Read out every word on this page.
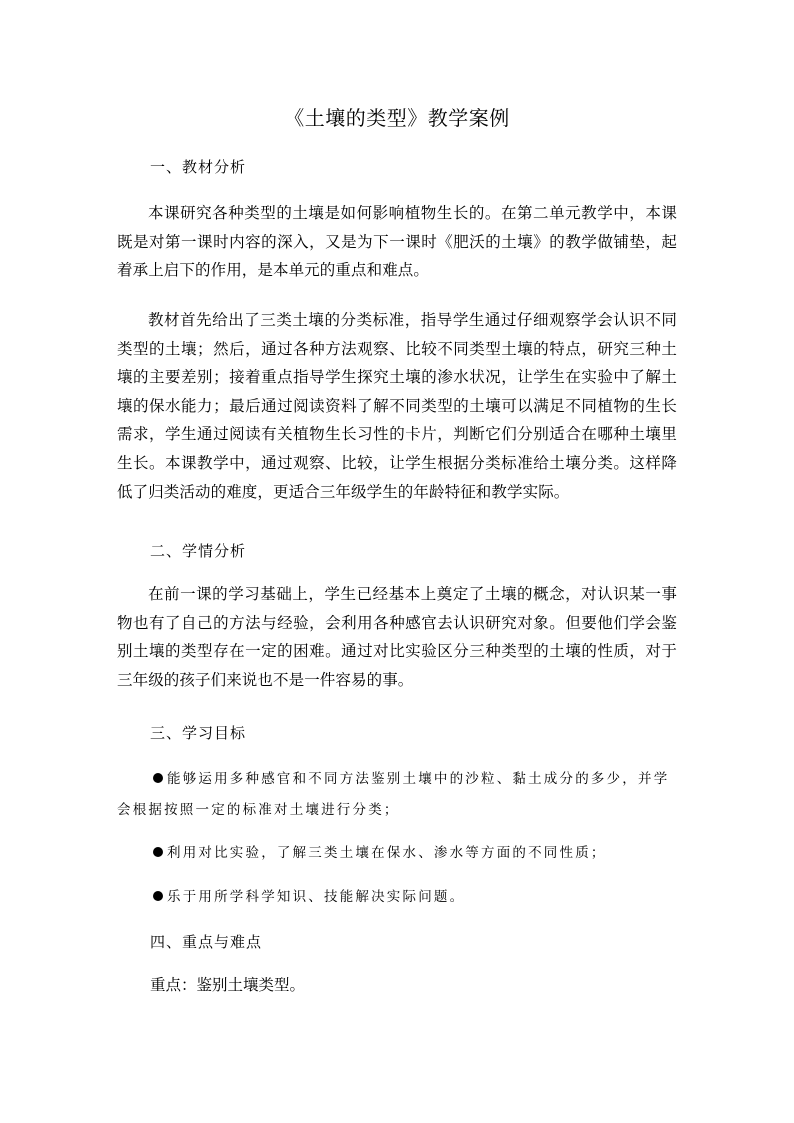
《土壤的类型》教学案例
一、教材分析
本课研究各种类型的土壤是如何影响植物生长的。在第二单元教学中，本课既是对第一课时内容的深入，又是为下一课时《肥沃的土壤》的教学做铺垫，起着承上启下的作用，是本单元的重点和难点。
教材首先给出了三类土壤的分类标准，指导学生通过仔细观察学会认识不同类型的土壤；然后，通过各种方法观察、比较不同类型土壤的特点，研究三种土壤的主要差别；接着重点指导学生探究土壤的渗水状况，让学生在实验中了解土壤的保水能力；最后通过阅读资料了解不同类型的土壤可以满足不同植物的生长需求，学生通过阅读有关植物生长习性的卡片，判断它们分别适合在哪种土壤里生长。本课教学中，通过观察、比较，让学生根据分类标准给土壤分类。这样降低了归类活动的难度，更适合三年级学生的年龄特征和教学实际。
二、学情分析
在前一课的学习基础上，学生已经基本上奠定了土壤的概念，对认识某一事物也有了自己的方法与经验，会利用各种感官去认识研究对象。但要他们学会鉴别土壤的类型存在一定的困难。通过对比实验区分三种类型的土壤的性质，对于三年级的孩子们来说也不是一件容易的事。
三、学习目标
能够运用多种感官和不同方法鉴别土壤中的沙粒、黏土成分的多少，并学
会根据按照一定的标准对土壤进行分类；
利用对比实验，了解三类土壤在保水、渗水等方面的不同性质；
乐于用所学科学知识、技能解决实际问题。
四、重点与难点
重点：鉴别土壤类型。
